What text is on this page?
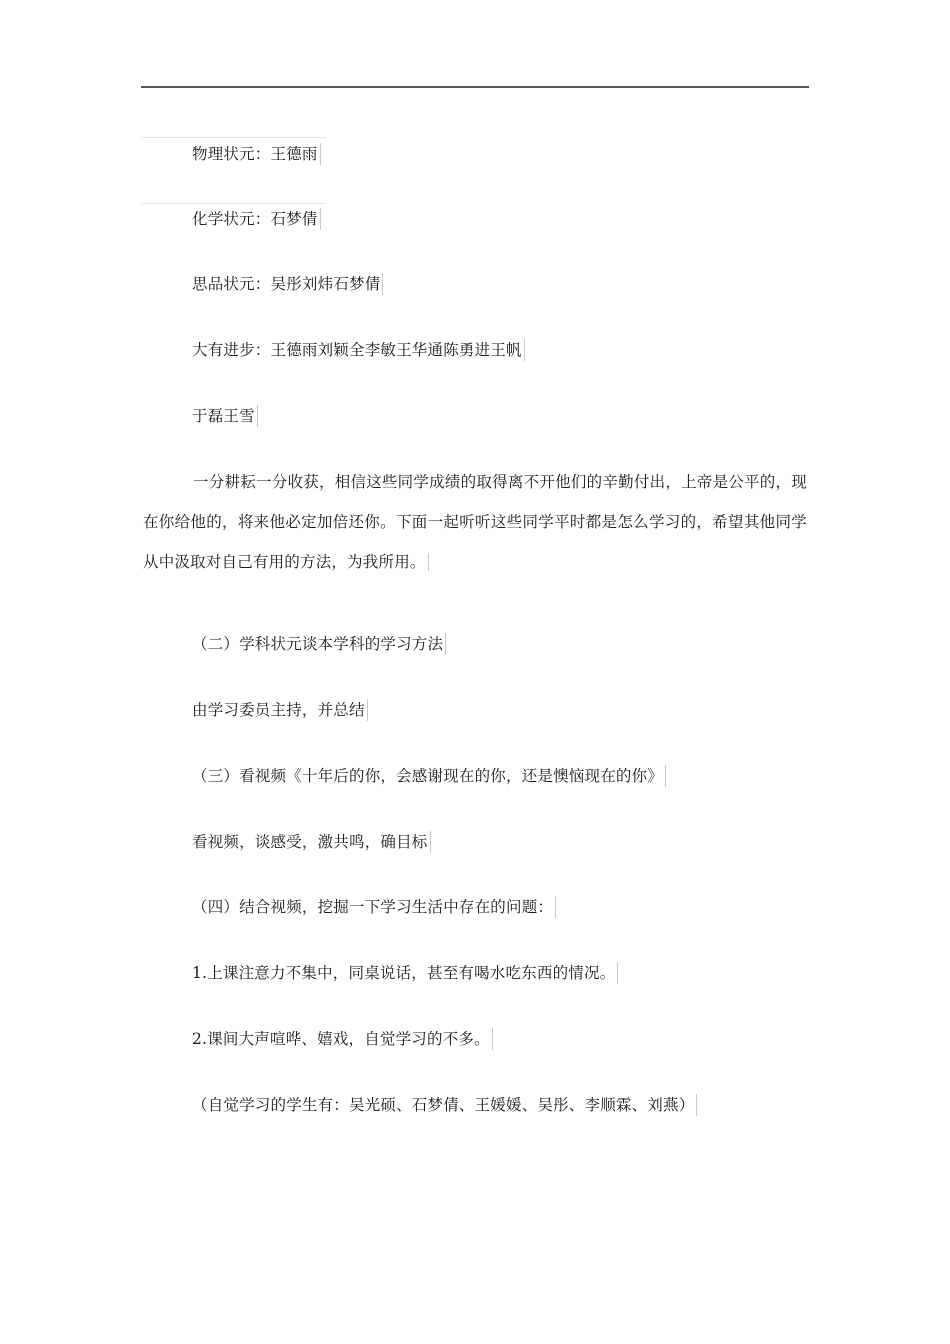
物理状元：王德雨
化学状元：石梦倩
思品状元：吴彤刘炜石梦倩
大有进步：王德雨刘颖全李敏王华通陈勇进王帆
于磊王雪
一分耕耘一分收获，相信这些同学成绩的取得离不开他们的辛勤付出，上帝是公平的，现在你给他的，将来他必定加倍还你。下面一起听听这些同学平时都是怎么学习的，希望其他同学从中汲取对自己有用的方法，为我所用。
（二）学科状元谈本学科的学习方法
由学习委员主持，并总结
（三）看视频《十年后的你，会感谢现在的你，还是懊恼现在的你》
看视频，谈感受，激共鸣，确目标
（四）结合视频，挖掘一下学习生活中存在的问题：
1.上课注意力不集中，同桌说话，甚至有喝水吃东西的情况。
2.课间大声喧哗、嬉戏，自觉学习的不多。
（自觉学习的学生有：吴光硕、石梦倩、王媛媛、吴彤、李顺霖、刘燕）
